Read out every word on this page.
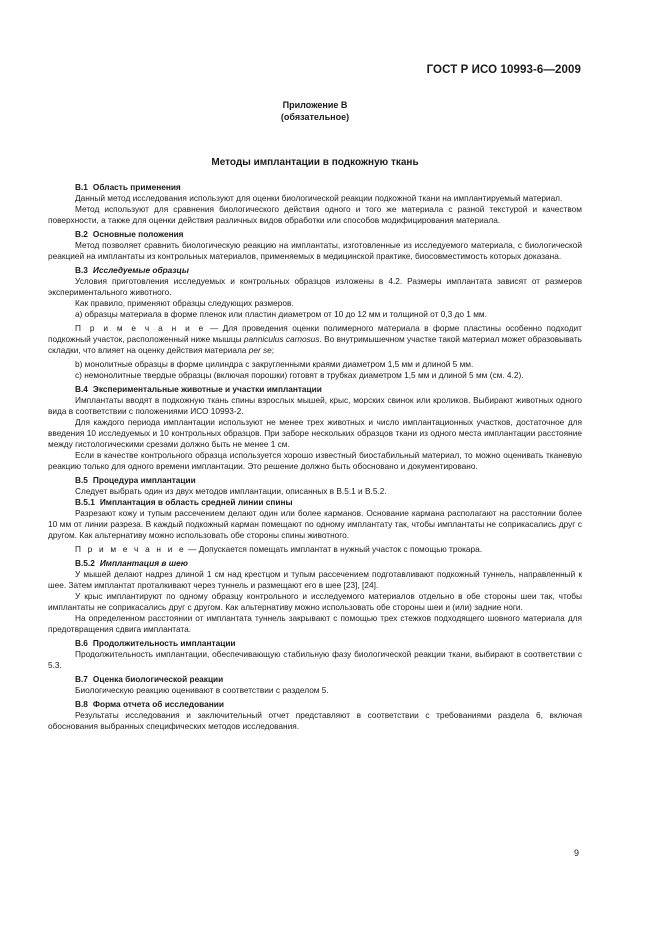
ГОСТ Р ИСО 10993-6—2009
Приложение В
(обязательное)
Методы имплантации в подкожную ткань

B.1 Область применения

Данный метод исследования используют для оценки биологической реакции подкожной ткани на имплантируемый материал.

Метод используют для сравнения биологического действия одного и того же материала с разной текстурой и качеством поверхности, а также для оценки действия различных видов обработки или способов модифицирования материала.

B.2 Основные положения

Метод позволяет сравнить биологическую реакцию на имплантаты, изготовленные из исследуемого материала, с биологической реакцией на имплантаты из контрольных материалов, применяемых в медицинской практике, биосовместимость которых доказана.

B.3 Исследуемые образцы

Условия приготовления исследуемых и контрольных образцов изложены в 4.2. Размеры имплантата зависят от размеров экспериментального животного.

Как правило, применяют образцы следующих размеров.

а) образцы материала в форме пленок или пластин диаметром от 10 до 12 мм и толщиной от 0,3 до 1 мм.

П р и м е ч а н и е — Для проведения оценки полимерного материала в форме пластины особенно подходит подкожный участок, расположенный ниже мышцы panniculus carnosus. Во внутримышечном участке такой материал может образовывать складки, что влияет на оценку действия материала per se;

b) монолитные образцы в форме цилиндра с закругленными краями диаметром 1,5 мм и длиной 5 мм.

с) немонолитные твердые образцы (включая порошки) готовят в трубках диаметром 1,5 мм и длиной 5 мм (см. 4.2).

B.4 Экспериментальные животные и участки имплантации

Имплантаты вводят в подкожную ткань спины взрослых мышей, крыс, морских свинок или кроликов. Выбирают животных одного вида в соответствии с положениями ИСО 10993-2.

Для каждого периода имплантации используют не менее трех животных и число имплантационных участков, достаточное для введения 10 исследуемых и 10 контрольных образцов. При заборе нескольких образцов ткани из одного места имплантации расстояние между гистологическими срезами должно быть не менее 1 см.

Если в качестве контрольного образца используется хорошо известный биостабильный материал, то можно оценивать тканевую реакцию только для одного времени имплантации. Это решение должно быть обосновано и документировано.

B.5 Процедура имплантации

Следует выбрать один из двух методов имплантации, описанных в В.5.1 и В.5.2.

B.5.1 Имплантация в область средней линии спины

Разрезают кожу и тупым рассечением делают один или более карманов. Основание кармана располагают на расстоянии более 10 мм от линии разреза. В каждый подкожный карман помещают по одному имплантату так, чтобы имплантаты не соприкасались друг с другом. Как альтернативу можно использовать обе стороны спины животного.

П р и м е ч а н и е — Допускается помещать имплантат в нужный участок с помощью трокара.

B.5.2 Имплантация в шею

У мышей делают надрез длиной 1 см над крестцом и тупым рассечением подготавливают подкожный туннель, направленный к шее. Затем имплантат проталкивают через туннель и размещают его в шее [23], [24].

У крыс имплантируют по одному образцу контрольного и исследуемого материалов отдельно в обе стороны шеи так, чтобы имплантаты не соприкасались друг с другом. Как альтернативу можно использовать обе стороны шеи и (или) задние ноги.

На определенном расстоянии от имплантата туннель закрывают с помощью трех стежков подходящего шовного материала для предотвращения сдвига имплантата.

B.6 Продолжительность имплантации

Продолжительность имплантации, обеспечивающую стабильную фазу биологической реакции ткани, выбирают в соответствии с 5.3.

B.7 Оценка биологической реакции

Биологическую реакцию оценивают в соответствии с разделом 5.

B.8 Форма отчета об исследовании

Результаты исследования и заключительный отчет представляют в соответствии с требованиями раздела 6, включая обоснования выбранных специфических методов исследования.

9
